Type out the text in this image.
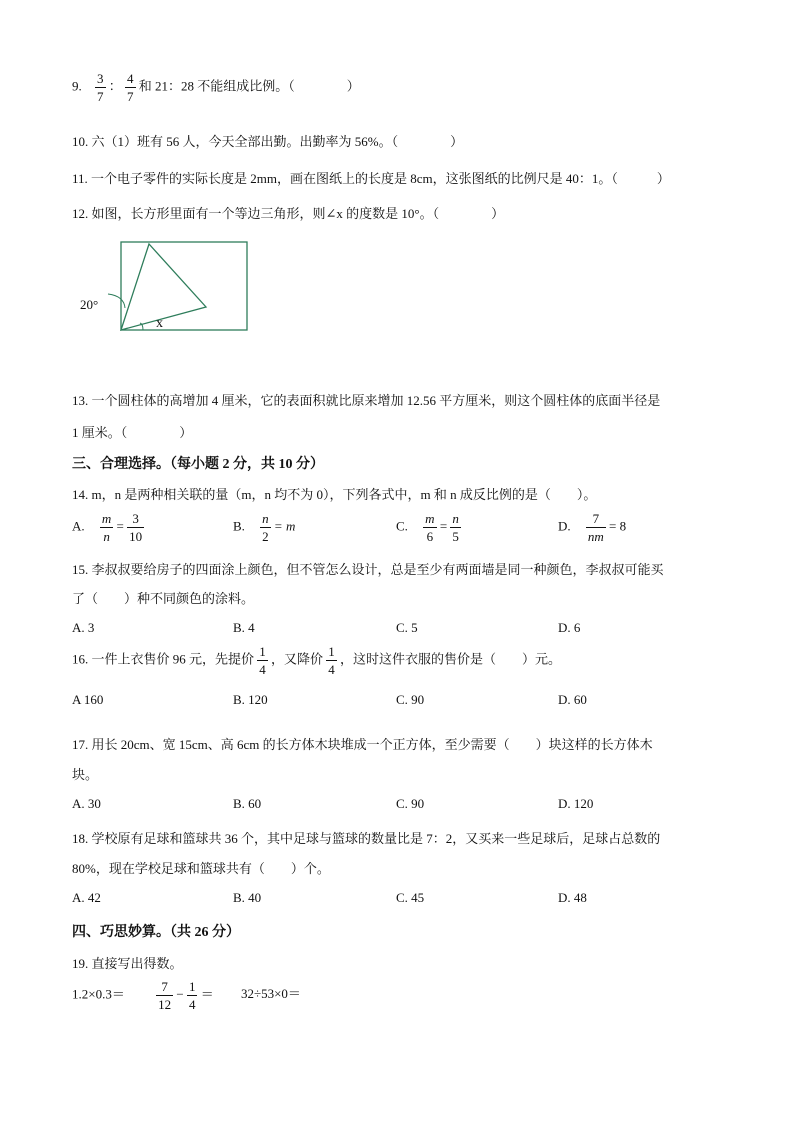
9. $\frac{3}{7}$ ： $\frac{4}{7}$ 和 21：28 不能组成比例。（　　　　）
10. 六（1）班有 56 人，今天全部出勤。出勤率为 56%。（　　　　）
11. 一个电子零件的实际长度是 2mm，画在图纸上的长度是 8cm，这张图纸的比例尺是 40：1。（　　　）
12. 如图，长方形里面有一个等边三角形，则∠x 的度数是 10°。（　　　　）
20°
x
13. 一个圆柱体的高增加 4 厘米，它的表面积就比原来增加 12.56 平方厘米，则这个圆柱体的底面半径是
1 厘米。（　　　　）
三、合理选择。（每小题 2 分，共 10 分）
14. m，n 是两种相关联的量（m，n 均不为 0），下列各式中，m 和 n 成反比例的是（　　）。
A. $\frac{m}{n} = \frac{3}{10}$	B. $\frac{n}{2} = m$	C. $\frac{m}{6} = \frac{n}{5}$	D. $\frac{7}{nm} = 8$
15. 李叔叔要给房子的四面涂上颜色，但不管怎么设计，总是至少有两面墙是同一种颜色，李叔叔可能买
了（　　）种不同颜色的涂料。
A. 3	B. 4	C. 5	D. 6
16. 一件上衣售价 96 元，先提价 $\frac{1}{4}$ ，又降价 $\frac{1}{4}$ ，这时这件衣服的售价是（　　）元。
A 160	B. 120	C. 90	D. 60
17. 用长 20cm、宽 15cm、高 6cm 的长方体木块堆成一个正方体，至少需要（　　）块这样的长方体木
块。
A. 30	B. 60	C. 90	D. 120
18. 学校原有足球和篮球共 36 个，其中足球与篮球的数量比是 7：2，又买来一些足球后，足球占总数的
80%，现在学校足球和篮球共有（　　）个。
A. 42	B. 40	C. 45	D. 48
四、巧思妙算。（共 26 分）
19. 直接写出得数。
$1.2\times 0.3= \frac{7}{12} - \frac{1}{4} = 32\div 53\times 0=$
